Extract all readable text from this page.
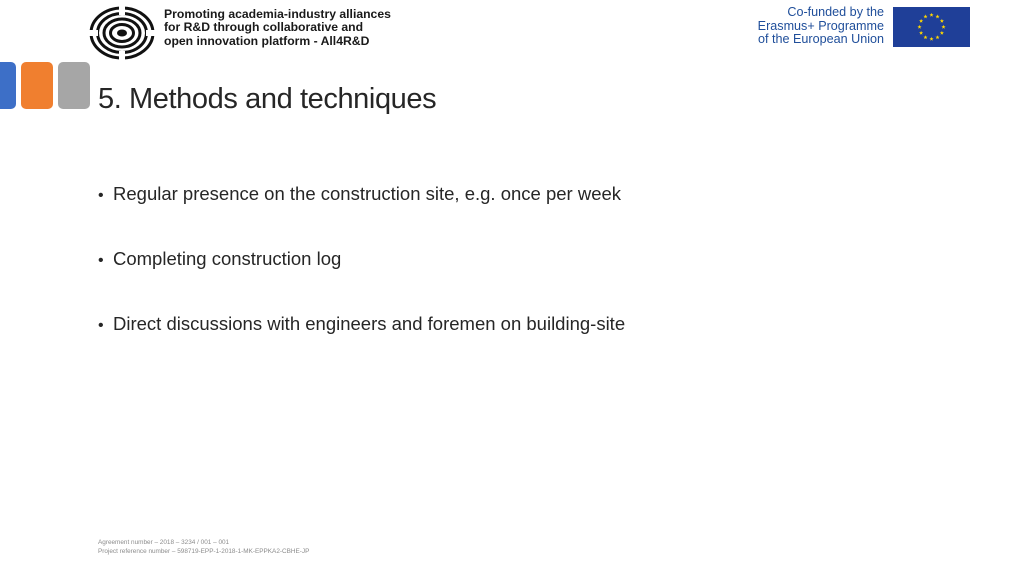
Promoting academia-industry alliances
for R&D through collaborative and
open innovation platform - All4R&D
Co-funded by the
Erasmus+ Programme
of the European Union
5. Methods and techniques
• Regular presence on the construction site, e.g. once per week
• Completing construction log
• Direct discussions with engineers and foremen on building-site
Agreement number – 2018 – 3234 / 001 – 001
Project reference number – 598719-EPP-1-2018-1-MK-EPPKA2-CBHE-JP
